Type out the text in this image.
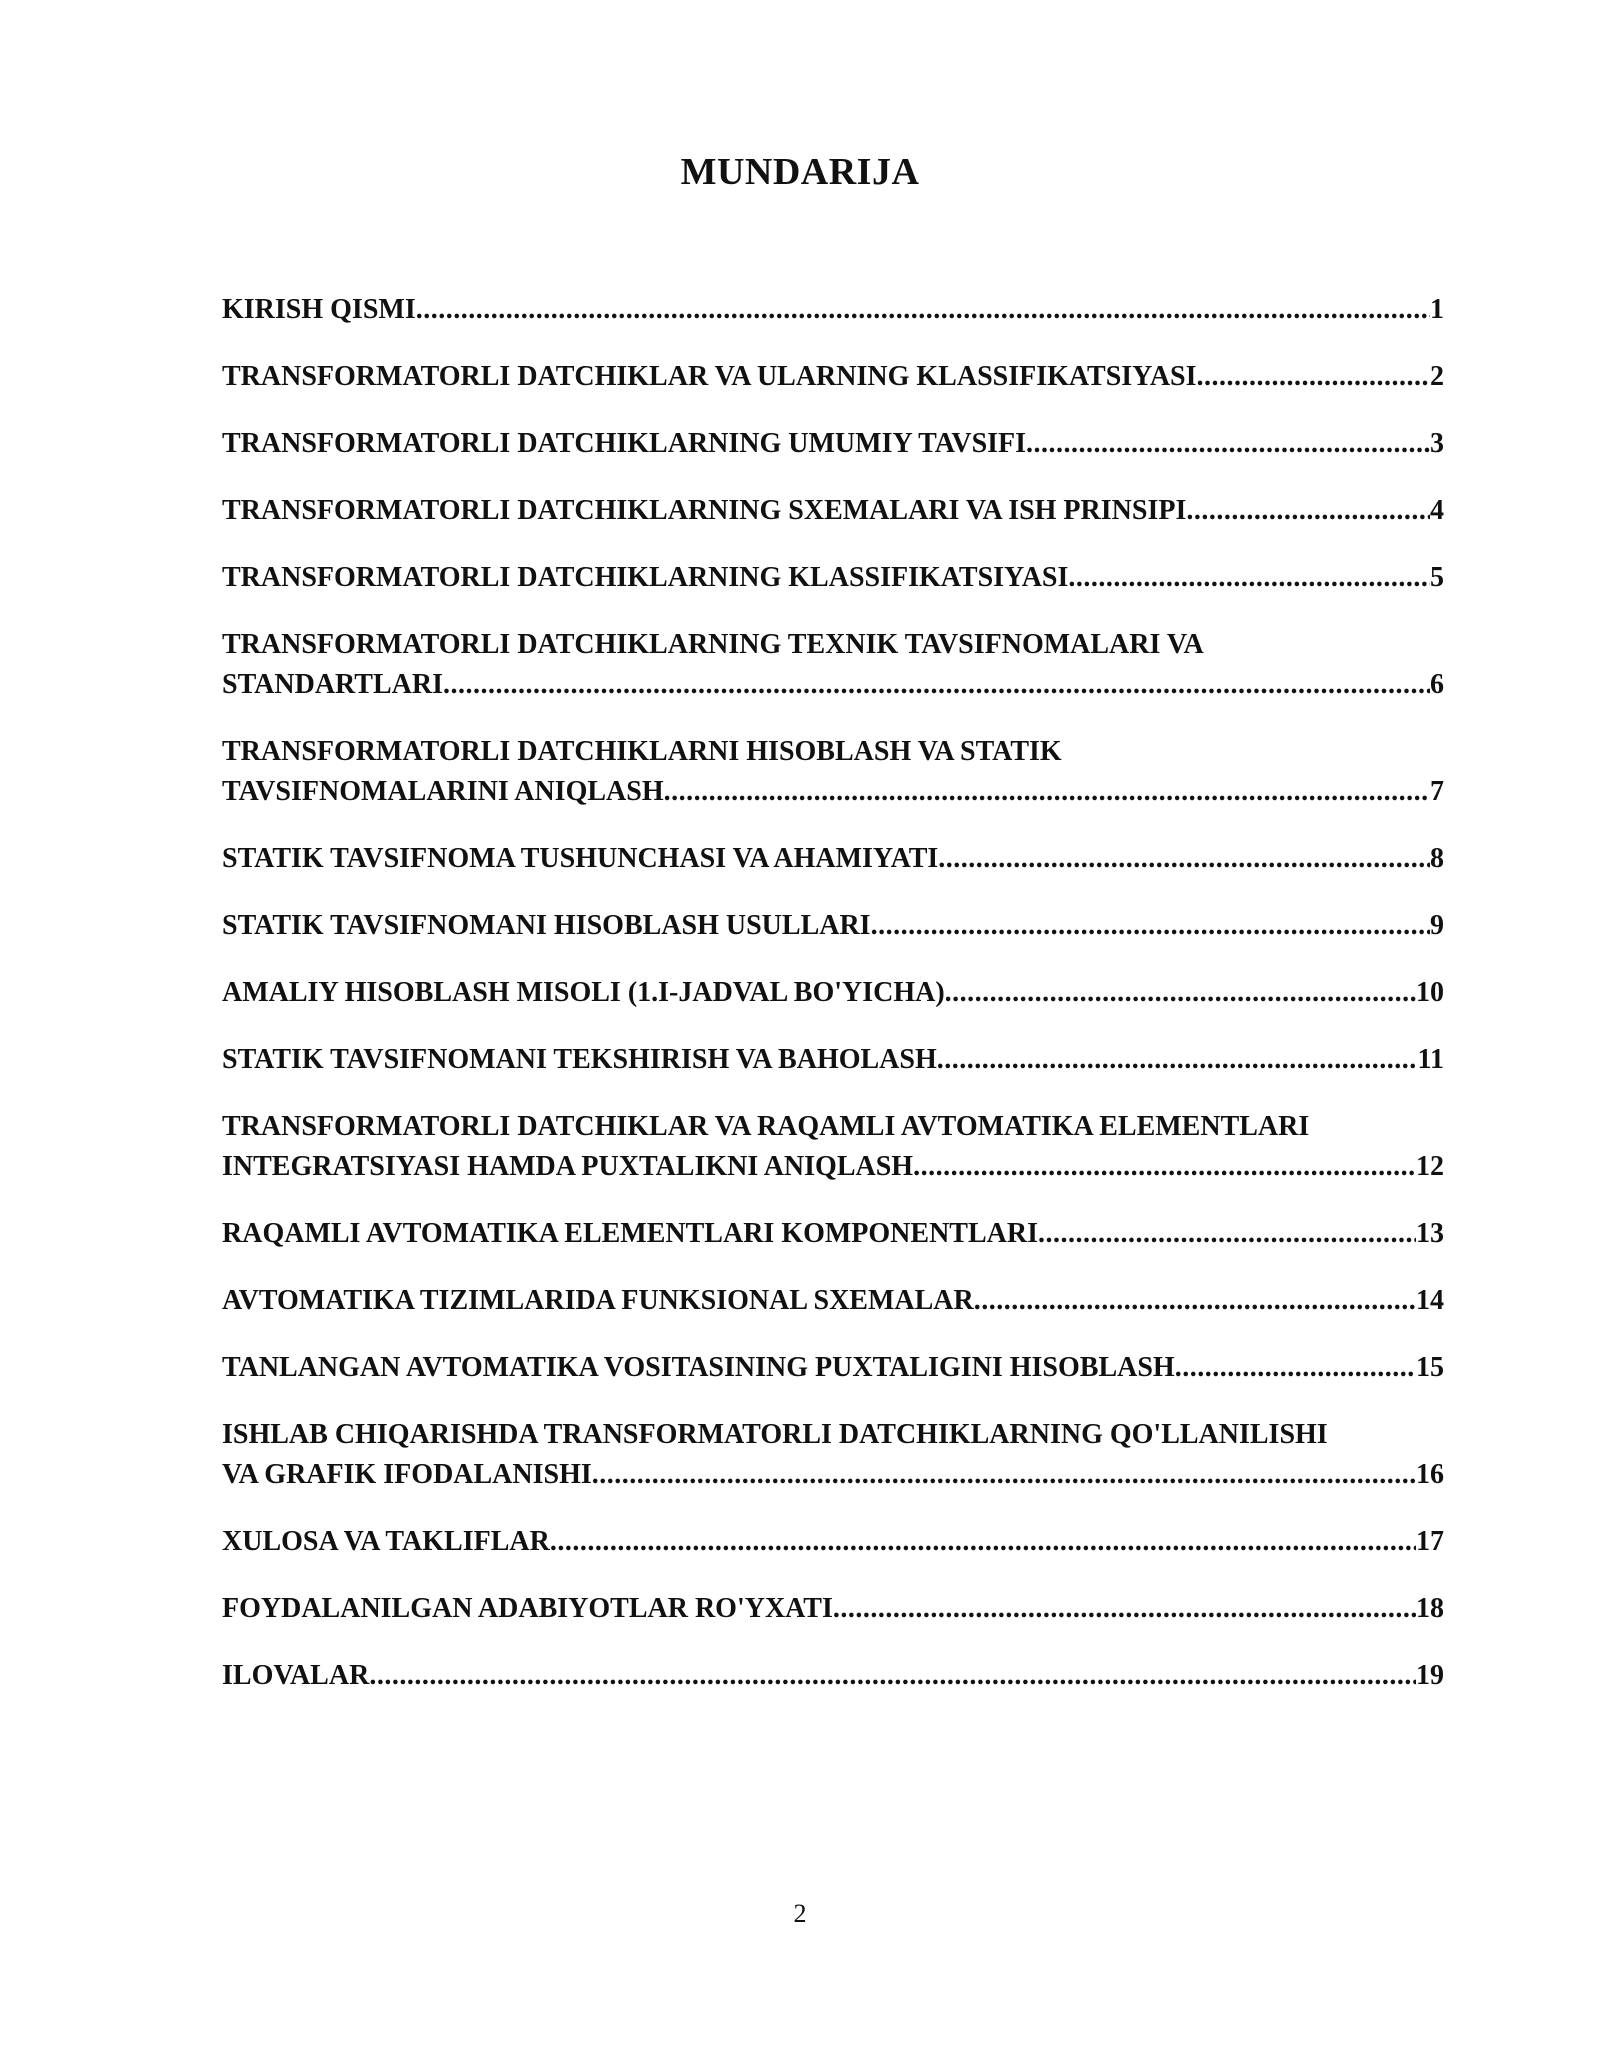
MUNDARIJA
KIRISH QISMI .....	1
TRANSFORMATORLI DATCHIKLAR VA ULARNING KLASSIFIKATSIYASI .....	2
TRANSFORMATORLI DATCHIKLARNING UMUMIY TAVSIFI .....	3
TRANSFORMATORLI DATCHIKLARNING SXEMALARI VA ISH PRINSIPI .....	4
TRANSFORMATORLI DATCHIKLARNING KLASSIFIKATSIYASI .....	5
TRANSFORMATORLI DATCHIKLARNING TEXNIK TAVSIFNOMALARI VA
STANDARTLARI .....	6
TRANSFORMATORLI DATCHIKLARNI HISOBLASH VA STATIK
TAVSIFNOMALARINI ANIQLASH .....	7
STATIK TAVSIFNOMA TUSHUNCHASI VA AHAMIYATI .....	8
STATIK TAVSIFNOMANI HISOBLASH USULLARI .....	9
AMALIY HISOBLASH MISOLI (1.I-JADVAL BO'YICHA) .....	10
STATIK TAVSIFNOMANI TEKSHIRISH VA BAHOLASH .....	11
TRANSFORMATORLI DATCHIKLAR VA RAQAMLI AVTOMATIKA ELEMENTLARI
INTEGRATSIYASI HAMDA PUXTALIKNI ANIQLASH .....	12
RAQAMLI AVTOMATIKA ELEMENTLARI KOMPONENTLARI .....	13
AVTOMATIKA TIZIMLARIDA FUNKSIONAL SXEMALAR .....	14
TANLANGAN AVTOMATIKA VOSITASINING PUXTALIGINI HISOBLASH .....	15
ISHLAB CHIQARISHDA TRANSFORMATORLI DATCHIKLARNING QO'LLANILISHI
VA GRAFIK IFODALANISHI .....	16
XULOSA VA TAKLIFLAR .....	17
FOYDALANILGAN ADABIYOTLAR RO'YXATI .....	18
ILOVALAR .....	19
2
